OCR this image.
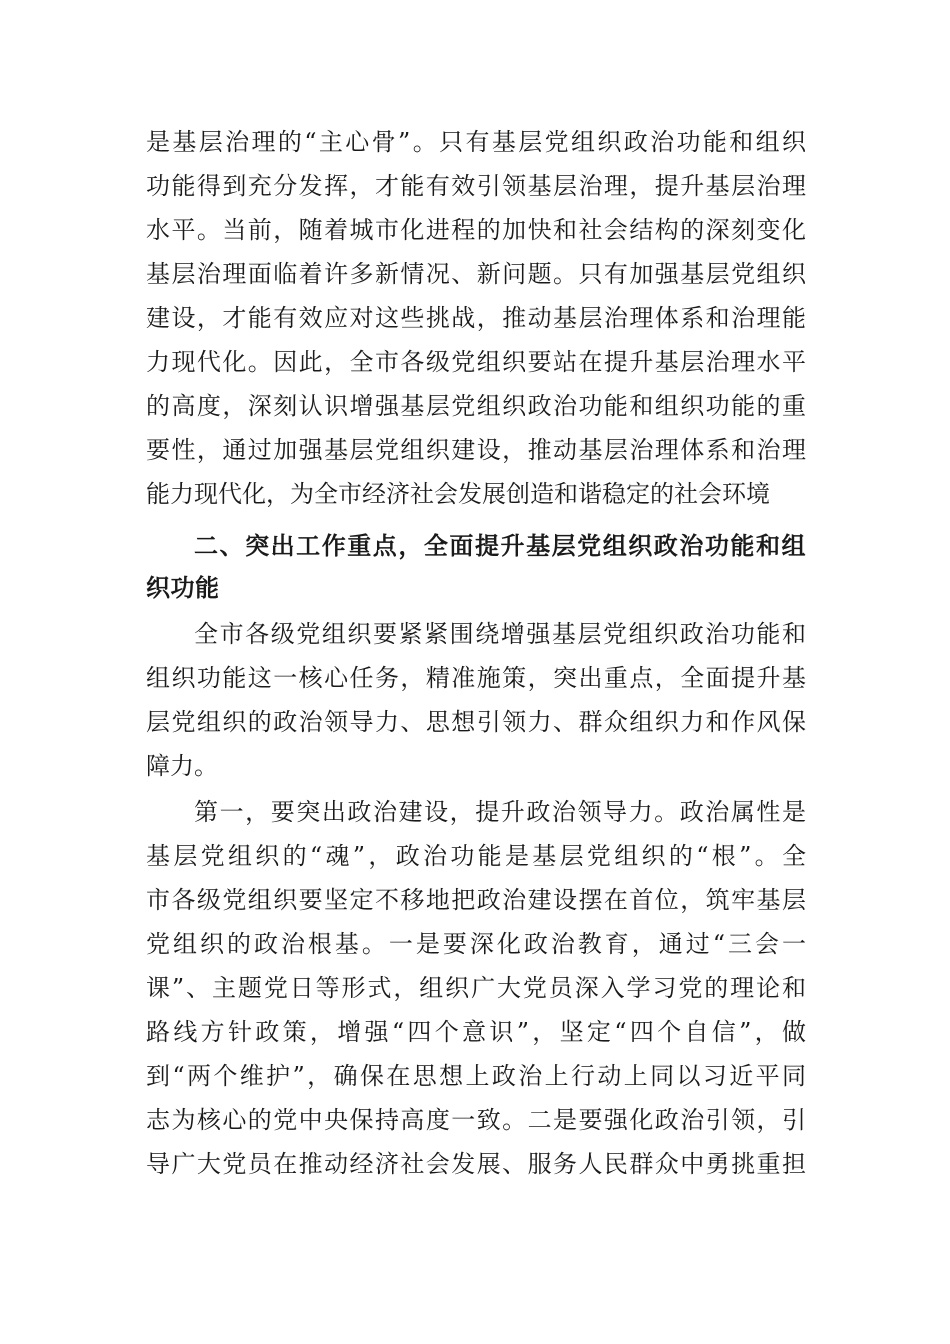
是基层治理的“主心骨”。只有基层党组织政治功能和组织
功能得到充分发挥，才能有效引领基层治理，提升基层治理
水平。当前，随着城市化进程的加快和社会结构的深刻变化
基层治理面临着许多新情况、新问题。只有加强基层党组织
建设，才能有效应对这些挑战，推动基层治理体系和治理能
力现代化。因此，全市各级党组织要站在提升基层治理水平
的高度，深刻认识增强基层党组织政治功能和组织功能的重
要性，通过加强基层党组织建设，推动基层治理体系和治理
能力现代化，为全市经济社会发展创造和谐稳定的社会环境
二、突出工作重点，全面提升基层党组织政治功能和组
织功能
全市各级党组织要紧紧围绕增强基层党组织政治功能和
组织功能这一核心任务，精准施策，突出重点，全面提升基
层党组织的政治领导力、思想引领力、群众组织力和作风保
障力。
第一，要突出政治建设，提升政治领导力。政治属性是
基层党组织的“魂”，政治功能是基层党组织的“根”。全
市各级党组织要坚定不移地把政治建设摆在首位，筑牢基层
党组织的政治根基。一是要深化政治教育，通过“三会一
课”、主题党日等形式，组织广大党员深入学习党的理论和
路线方针政策，增强“四个意识”，坚定“四个自信”，做
到“两个维护”，确保在思想上政治上行动上同以习近平同
志为核心的党中央保持高度一致。二是要强化政治引领，引
导广大党员在推动经济社会发展、服务人民群众中勇挑重担
